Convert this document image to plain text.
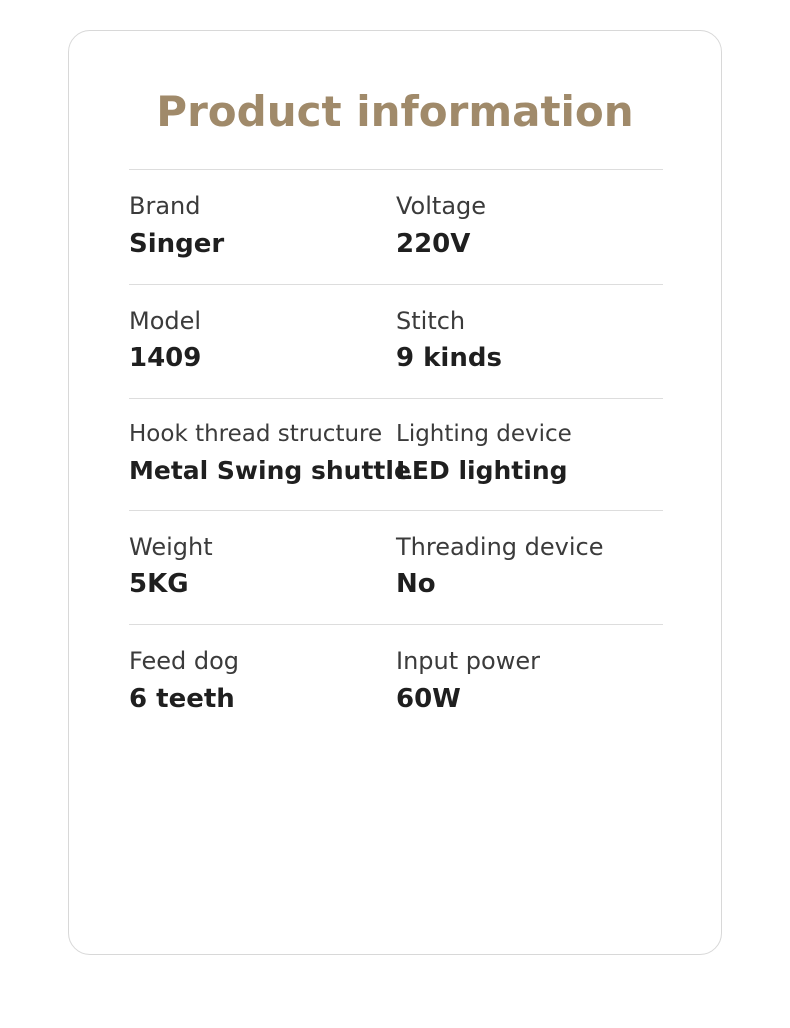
Product information
Brand
Singer
Voltage
220V
Model
1409
Stitch
9 kinds
Hook thread structure
Metal Swing shuttle
Lighting device
LED lighting
Weight
5KG
Threading device
No
Feed dog
6 teeth
Input power
60W
